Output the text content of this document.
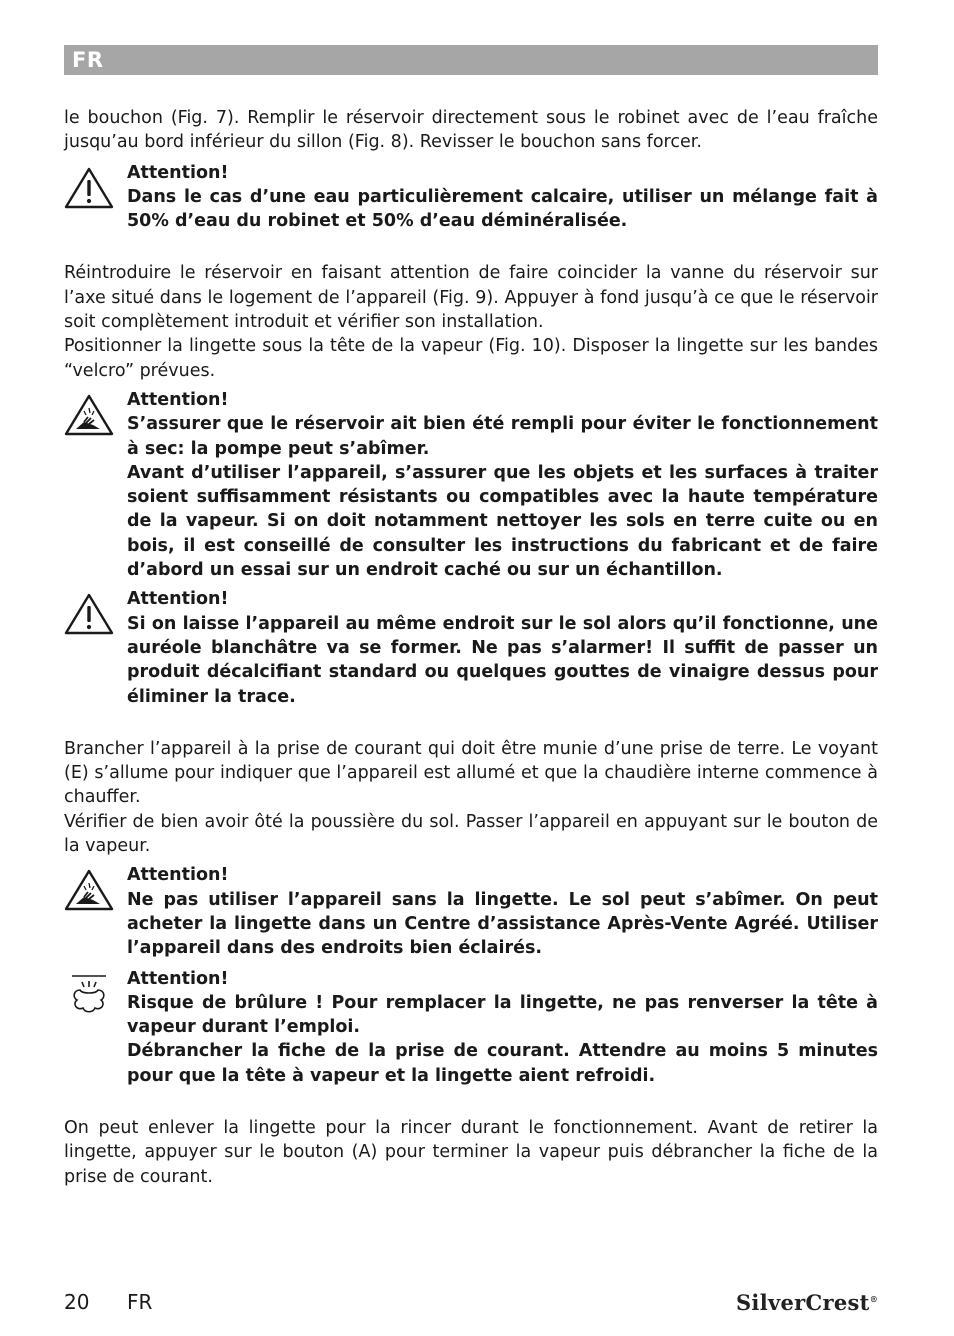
FR

le bouchon (Fig. 7). Remplir le réservoir directement sous le robinet avec de l’eau fraîche jusqu’au bord inférieur du sillon (Fig. 8). Revisser le bouchon sans forcer.

Attention!

Dans le cas d’une eau particulièrement calcaire, utiliser un mélange fait à 50% d’eau du robinet et 50% d’eau déminéralisée.

Réintroduire le réservoir en faisant attention de faire coincider la vanne du réservoir sur l’axe situé dans le logement de l’appareil (Fig. 9). Appuyer à fond jusqu’à ce que le réservoir soit complètement introduit et vérifier son installation.

Positionner la lingette sous la tête de la vapeur (Fig. 10). Disposer la lingette sur les bandes “velcro” prévues.

Attention!

S’assurer que le réservoir ait bien été rempli pour éviter le fonctionnement à sec: la pompe peut s’abîmer.

Avant d’utiliser l’appareil, s’assurer que les objets et les surfaces à traiter soient suffisamment résistants ou compatibles avec la haute température de la vapeur. Si on doit notamment nettoyer les sols en terre cuite ou en bois, il est conseillé de consulter les instructions du fabricant et de faire d’abord un essai sur un endroit caché ou sur un échantillon.

Attention!

Si on laisse l’appareil au même endroit sur le sol alors qu’il fonctionne, une auréole blanchâtre va se former. Ne pas s’alarmer! Il suffit de passer un produit décalcifiant standard ou quelques gouttes de vinaigre dessus pour éliminer la trace.

Brancher l’appareil à la prise de courant qui doit être munie d’une prise de terre. Le voyant (E) s’allume pour indiquer que l’appareil est allumé et que la chaudière interne commence à chauffer.

Vérifier de bien avoir ôté la poussière du sol. Passer l’appareil en appuyant sur le bouton de la vapeur.

Attention!

Ne pas utiliser l’appareil sans la lingette. Le sol peut s’abîmer. On peut acheter la lingette dans un Centre d’assistance Après-Vente Agréé. Utiliser l’appareil dans des endroits bien éclairés.

Attention!

Risque de brûlure ! Pour remplacer la lingette, ne pas renverser la tête à vapeur durant l’emploi.

Débrancher la fiche de la prise de courant. Attendre au moins 5 minutes pour que la tête à vapeur et la lingette aient refroidi.

On peut enlever la lingette pour la rincer durant le fonctionnement. Avant de retirer la lingette, appuyer sur le bouton (A) pour terminer la vapeur puis débrancher la fiche de la prise de courant.

20 FR	SilverCrest®
